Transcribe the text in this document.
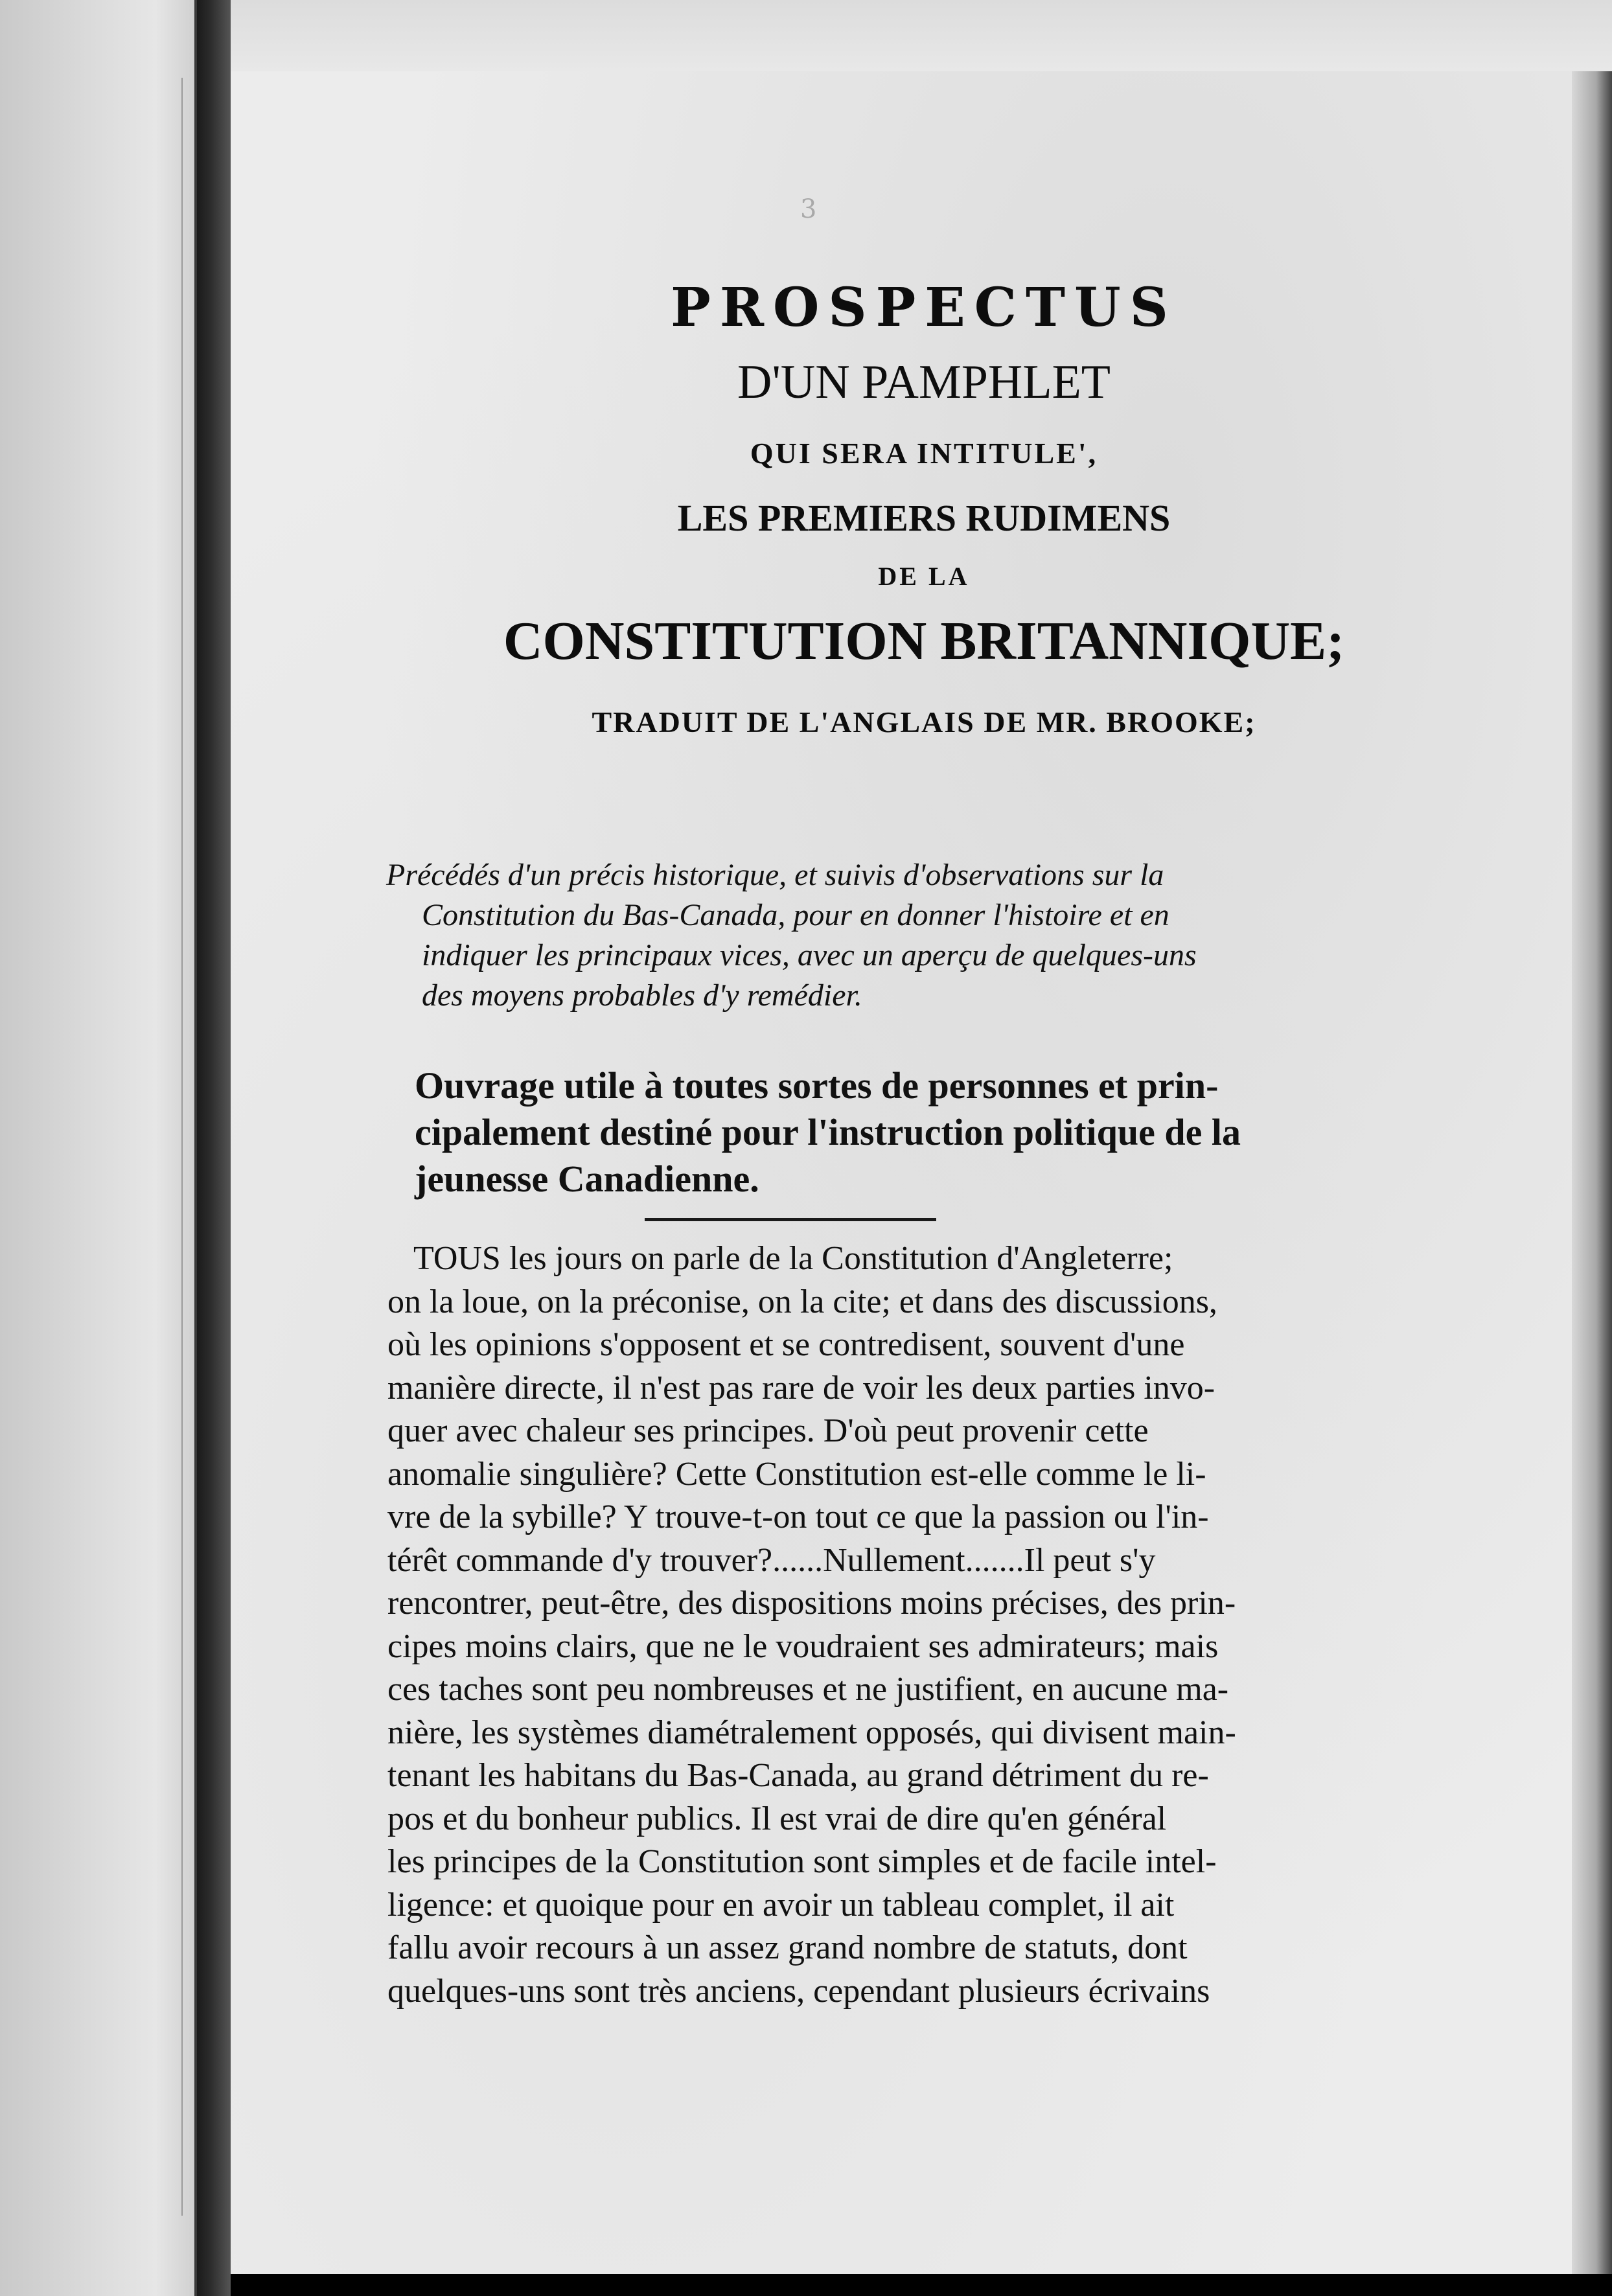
3
PROSPECTUS
D'UN PAMPHLET
QUI SERA INTITULE',
LES PREMIERS RUDIMENS
DE LA
CONSTITUTION BRITANNIQUE;
TRADUIT DE L'ANGLAIS DE MR. BROOKE;
Précédés d'un précis historique, et suivis d'observations sur la
Constitution du Bas-Canada, pour en donner l'histoire et en
indiquer les principaux vices, avec un aperçu de quelques-uns
des moyens probables d'y remédier.
Ouvrage utile à toutes sortes de personnes et prin-
cipalement destiné pour l'instruction politique de la
jeunesse Canadienne.
TOUS les jours on parle de la Constitution d'Angleterre;
on la loue, on la préconise, on la cite; et dans des discussions,
où les opinions s'opposent et se contredisent, souvent d'une
manière directe, il n'est pas rare de voir les deux parties invo-
quer avec chaleur ses principes. D'où peut provenir cette
anomalie singulière? Cette Constitution est-elle comme le li-
vre de la sybille? Y trouve-t-on tout ce que la passion ou l'in-
térêt commande d'y trouver?......Nullement.......Il peut s'y
rencontrer, peut-être, des dispositions moins précises, des prin-
cipes moins clairs, que ne le voudraient ses admirateurs; mais
ces taches sont peu nombreuses et ne justifient, en aucune ma-
nière, les systèmes diamétralement opposés, qui divisent main-
tenant les habitans du Bas-Canada, au grand détriment du re-
pos et du bonheur publics. Il est vrai de dire qu'en général
les principes de la Constitution sont simples et de facile intel-
ligence: et quoique pour en avoir un tableau complet, il ait
fallu avoir recours à un assez grand nombre de statuts, dont
quelques-uns sont très anciens, cependant plusieurs écrivains
